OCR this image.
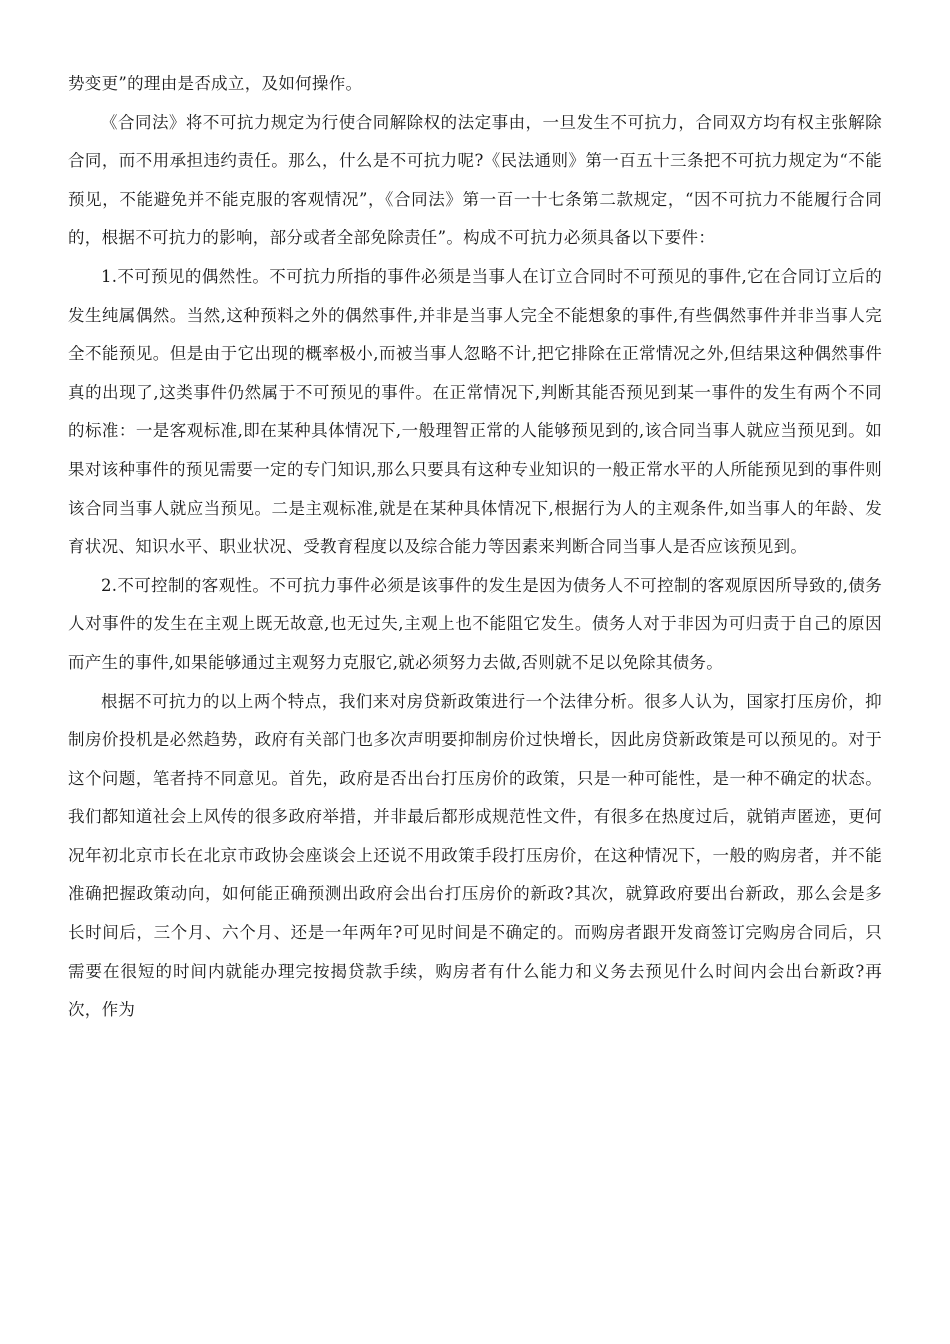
势变更”的理由是否成立，及如何操作。

《合同法》将不可抗力规定为行使合同解除权的法定事由，一旦发生不可抗力，合同双方均有权主张解除合同，而不用承担违约责任。那么，什么是不可抗力呢?《民法通则》第一百五十三条把不可抗力规定为“不能预见，不能避免并不能克服的客观情况”，《合同法》第一百一十七条第二款规定，“因不可抗力不能履行合同的，根据不可抗力的影响，部分或者全部免除责任”。构成不可抗力必须具备以下要件：

1.不可预见的偶然性。不可抗力所指的事件必须是当事人在订立合同时不可预见的事件,它在合同订立后的发生纯属偶然。当然,这种预料之外的偶然事件,并非是当事人完全不能想象的事件,有些偶然事件并非当事人完全不能预见。但是由于它出现的概率极小,而被当事人忽略不计,把它排除在正常情况之外,但结果这种偶然事件真的出现了,这类事件仍然属于不可预见的事件。在正常情况下,判断其能否预见到某一事件的发生有两个不同的标准：一是客观标准,即在某种具体情况下,一般理智正常的人能够预见到的,该合同当事人就应当预见到。如果对该种事件的预见需要一定的专门知识,那么只要具有这种专业知识的一般正常水平的人所能预见到的事件则该合同当事人就应当预见。二是主观标准,就是在某种具体情况下,根据行为人的主观条件,如当事人的年龄、发育状况、知识水平、职业状况、受教育程度以及综合能力等因素来判断合同当事人是否应该预见到。

2.不可控制的客观性。不可抗力事件必须是该事件的发生是因为债务人不可控制的客观原因所导致的,债务人对事件的发生在主观上既无故意,也无过失,主观上也不能阻它发生。债务人对于非因为可归责于自己的原因而产生的事件,如果能够通过主观努力克服它,就必须努力去做,否则就不足以免除其债务。

根据不可抗力的以上两个特点，我们来对房贷新政策进行一个法律分析。很多人认为，国家打压房价，抑制房价投机是必然趋势，政府有关部门也多次声明要抑制房价过快增长，因此房贷新政策是可以预见的。对于这个问题，笔者持不同意见。首先，政府是否出台打压房价的政策，只是一种可能性，是一种不确定的状态。我们都知道社会上风传的很多政府举措，并非最后都形成规范性文件，有很多在热度过后，就销声匿迹，更何况年初北京市长在北京市政协会座谈会上还说不用政策手段打压房价，在这种情况下，一般的购房者，并不能准确把握政策动向，如何能正确预测出政府会出台打压房价的新政?其次，就算政府要出台新政，那么会是多长时间后，三个月、六个月、还是一年两年?可见时间是不确定的。而购房者跟开发商签订完购房合同后，只需要在很短的时间内就能办理完按揭贷款手续，购房者有什么能力和义务去预见什么时间内会出台新政?再次，作为
